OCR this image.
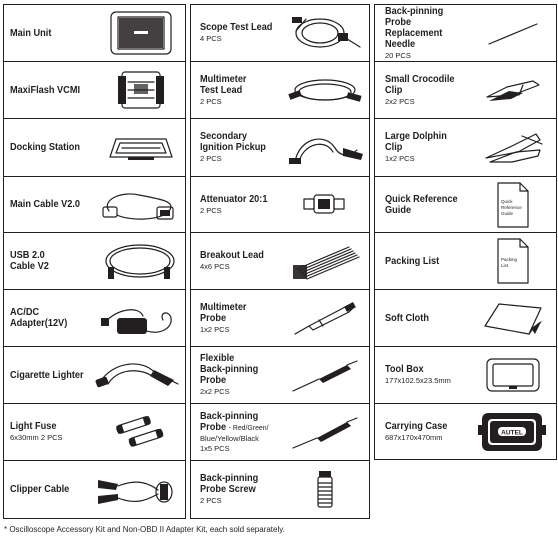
Main Unit
MaxiFlash VCMI
Docking Station
Main Cable V2.0
USB 2.0
Cable V2
AC/DC
Adapter(12V)
Cigarette Lighter
Light Fuse
6x30mm 2 PCS
Clipper Cable
Scope Test Lead
4 PCS
Multimeter
Test Lead
2 PCS
Secondary
Ignition Pickup
2 PCS
Attenuator 20:1
2 PCS
Breakout Lead
4x6 PCS
Multimeter
Probe
1x2 PCS
Flexible
Back-pinning
Probe
2x2 PCS
Back-pinning
Probe - Red/Green/
Blue/Yellow/Black
1x5 PCS
Back-pinning
Probe Screw
2 PCS
Back-pinning
Probe
Replacement
Needle
20 PCS
Small Crocodile
Clip
2x2 PCS
Large Dolphin
Clip
1x2 PCS
Quick Reference
Guide
Quick
Reference
Guide
Packing List	Packing
List
Soft Cloth
Tool Box
177x102.5x23.5mm
Carrying Case
687x170x470mm	AUTEL
* Oscilloscope Accessory Kit and Non-OBD II Adapter Kit, each sold separately.
